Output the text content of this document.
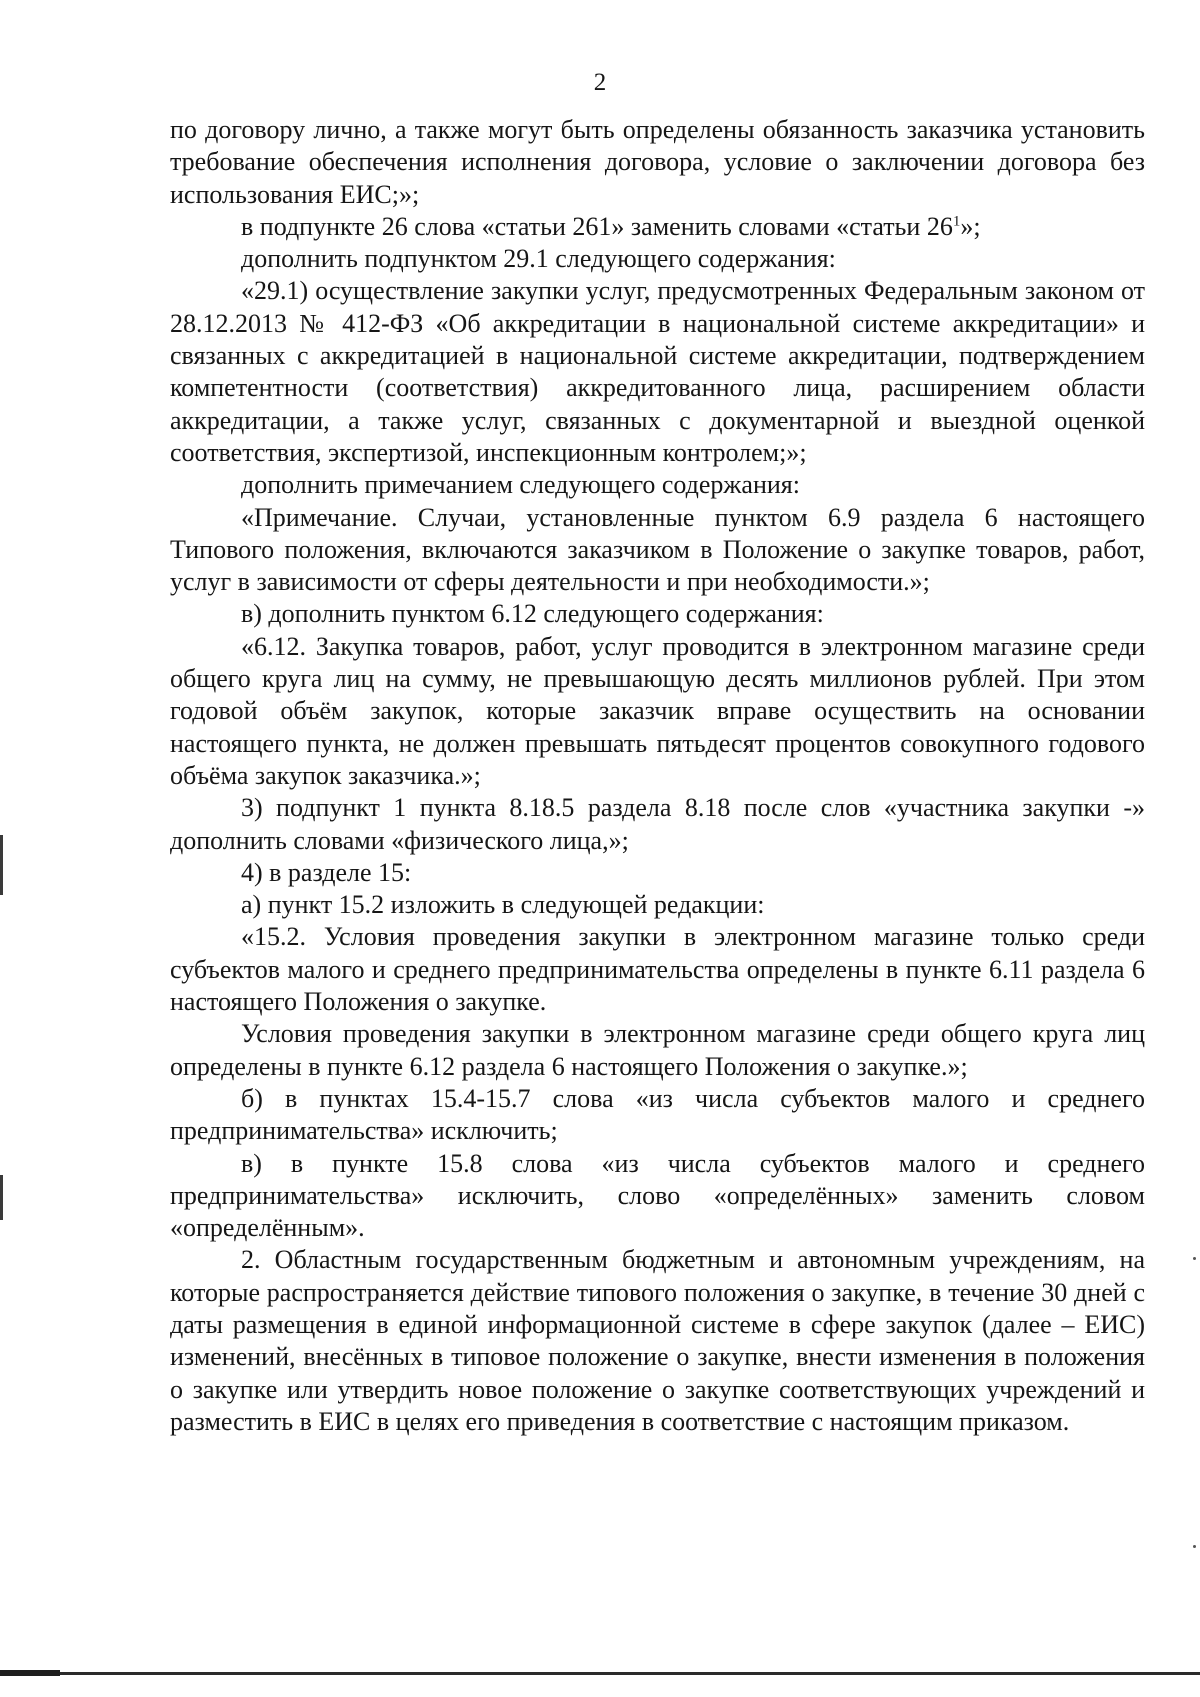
2

по договору лично, а также могут быть определены обязанность заказчика установить требование обеспечения исполнения договора, условие о заключении договора без использования ЕИС;»;

в подпункте 26 слова «статьи 261» заменить словами «статьи $26^1$»;

дополнить подпунктом 29.1 следующего содержания:

«29.1) осуществление закупки услуг, предусмотренных Федеральным законом от 28.12.2013 № 412-ФЗ «Об аккредитации в национальной системе аккредитации» и связанных с аккредитацией в национальной системе аккредитации, подтверждением компетентности (соответствия) аккредитованного лица, расширением области аккредитации, а также услуг, связанных с документарной и выездной оценкой соответствия, экспертизой, инспекционным контролем;»;

дополнить примечанием следующего содержания:

«Примечание. Случаи, установленные пунктом 6.9 раздела 6 настоящего Типового положения, включаются заказчиком в Положение о закупке товаров, работ, услуг в зависимости от сферы деятельности и при необходимости.»;

в) дополнить пунктом 6.12 следующего содержания:

«6.12. Закупка товаров, работ, услуг проводится в электронном магазине среди общего круга лиц на сумму, не превышающую десять миллионов рублей. При этом годовой объём закупок, которые заказчик вправе осуществить на основании настоящего пункта, не должен превышать пятьдесят процентов совокупного годового объёма закупок заказчика.»;

3) подпункт 1 пункта 8.18.5 раздела 8.18 после слов «участника закупки -» дополнить словами «физического лица,»;

4) в разделе 15:

а) пункт 15.2 изложить в следующей редакции:

«15.2. Условия проведения закупки в электронном магазине только среди субъектов малого и среднего предпринимательства определены в пункте 6.11 раздела 6 настоящего Положения о закупке.

Условия проведения закупки в электронном магазине среди общего круга лиц определены в пункте 6.12 раздела 6 настоящего Положения о закупке.»;

б) в пунктах 15.4-15.7 слова «из числа субъектов малого и среднего предпринимательства» исключить;

в) в пункте 15.8 слова «из числа субъектов малого и среднего предпринимательства» исключить, слово «определённых» заменить словом «определённым».

2. Областным государственным бюджетным и автономным учреждениям, на которые распространяется действие типового положения о закупке, в течение 30 дней с даты размещения в единой информационной системе в сфере закупок (далее – ЕИС) изменений, внесённых в типовое положение о закупке, внести изменения в положения о закупке или утвердить новое положение о закупке соответствующих учреждений и разместить в ЕИС в целях его приведения в соответствие с настоящим приказом.
